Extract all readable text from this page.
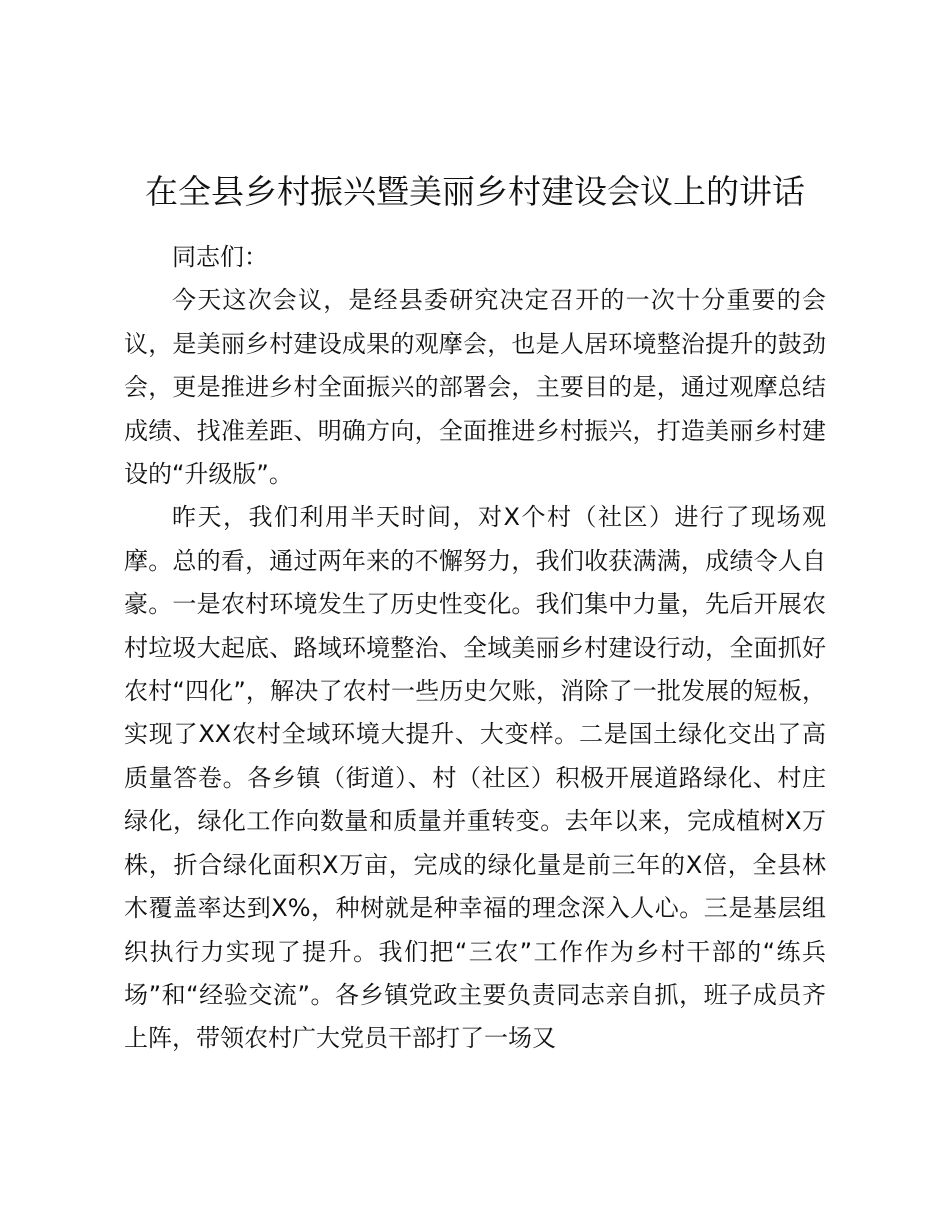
在全县乡村振兴暨美丽乡村建设会议上的讲话

同志们：

今天这次会议，是经县委研究决定召开的一次十分重要的会议，是美丽乡村建设成果的观摩会，也是人居环境整治提升的鼓劲会，更是推进乡村全面振兴的部署会，主要目的是，通过观摩总结成绩、找准差距、明确方向，全面推进乡村振兴，打造美丽乡村建设的“升级版”。

昨天，我们利用半天时间，对X个村（社区）进行了现场观摩。总的看，通过两年来的不懈努力，我们收获满满，成绩令人自豪。一是农村环境发生了历史性变化。我们集中力量，先后开展农村垃圾大起底、路域环境整治、全域美丽乡村建设行动，全面抓好农村“四化”，解决了农村一些历史欠账，消除了一批发展的短板，实现了XX农村全域环境大提升、大变样。二是国土绿化交出了高质量答卷。各乡镇（街道）、村（社区）积极开展道路绿化、村庄绿化，绿化工作向数量和质量并重转变。去年以来，完成植树X万株，折合绿化面积X万亩，完成的绿化量是前三年的X倍，全县林木覆盖率达到X%，种树就是种幸福的理念深入人心。三是基层组织执行力实现了提升。我们把“三农”工作作为乡村干部的“练兵场”和“经验交流”。各乡镇党政主要负责同志亲自抓，班子成员齐上阵，带领农村广大党员干部打了一场又
